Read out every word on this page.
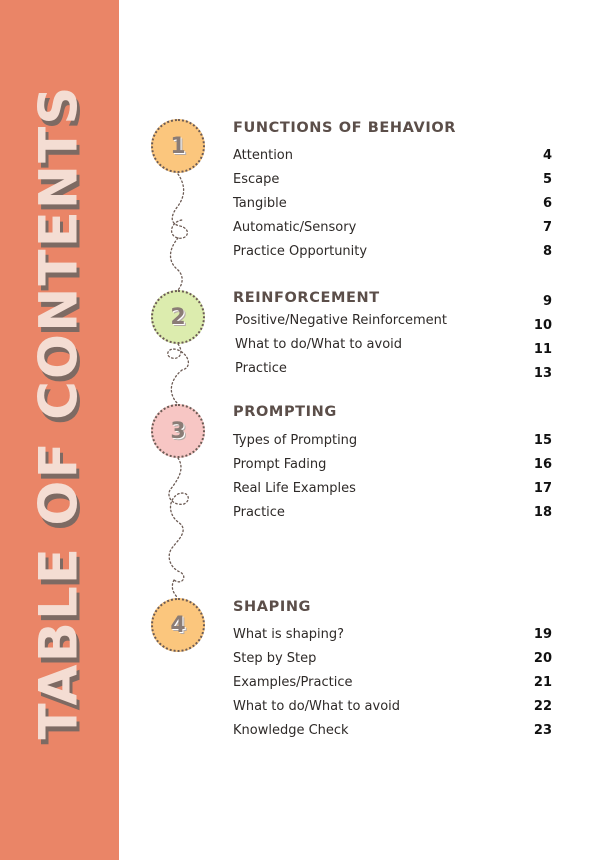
TABLE OF CONTENTS	1
2
3
4
FUNCTIONS OF BEHAVIOR
Attention	4
Escape	5
Tangible	6
Automatic/Sensory	7
Practice Opportunity	8
REINFORCEMENT	9
Positive/Negative Reinforcement	10
What to do/What to avoid	11
Practice	13
PROMPTING
Types of Prompting	15
Prompt Fading	16
Real Life Examples	17
Practice	18
SHAPING
What is shaping?	19
Step by Step	20
Examples/Practice	21
What to do/What to avoid	22
Knowledge Check	23
